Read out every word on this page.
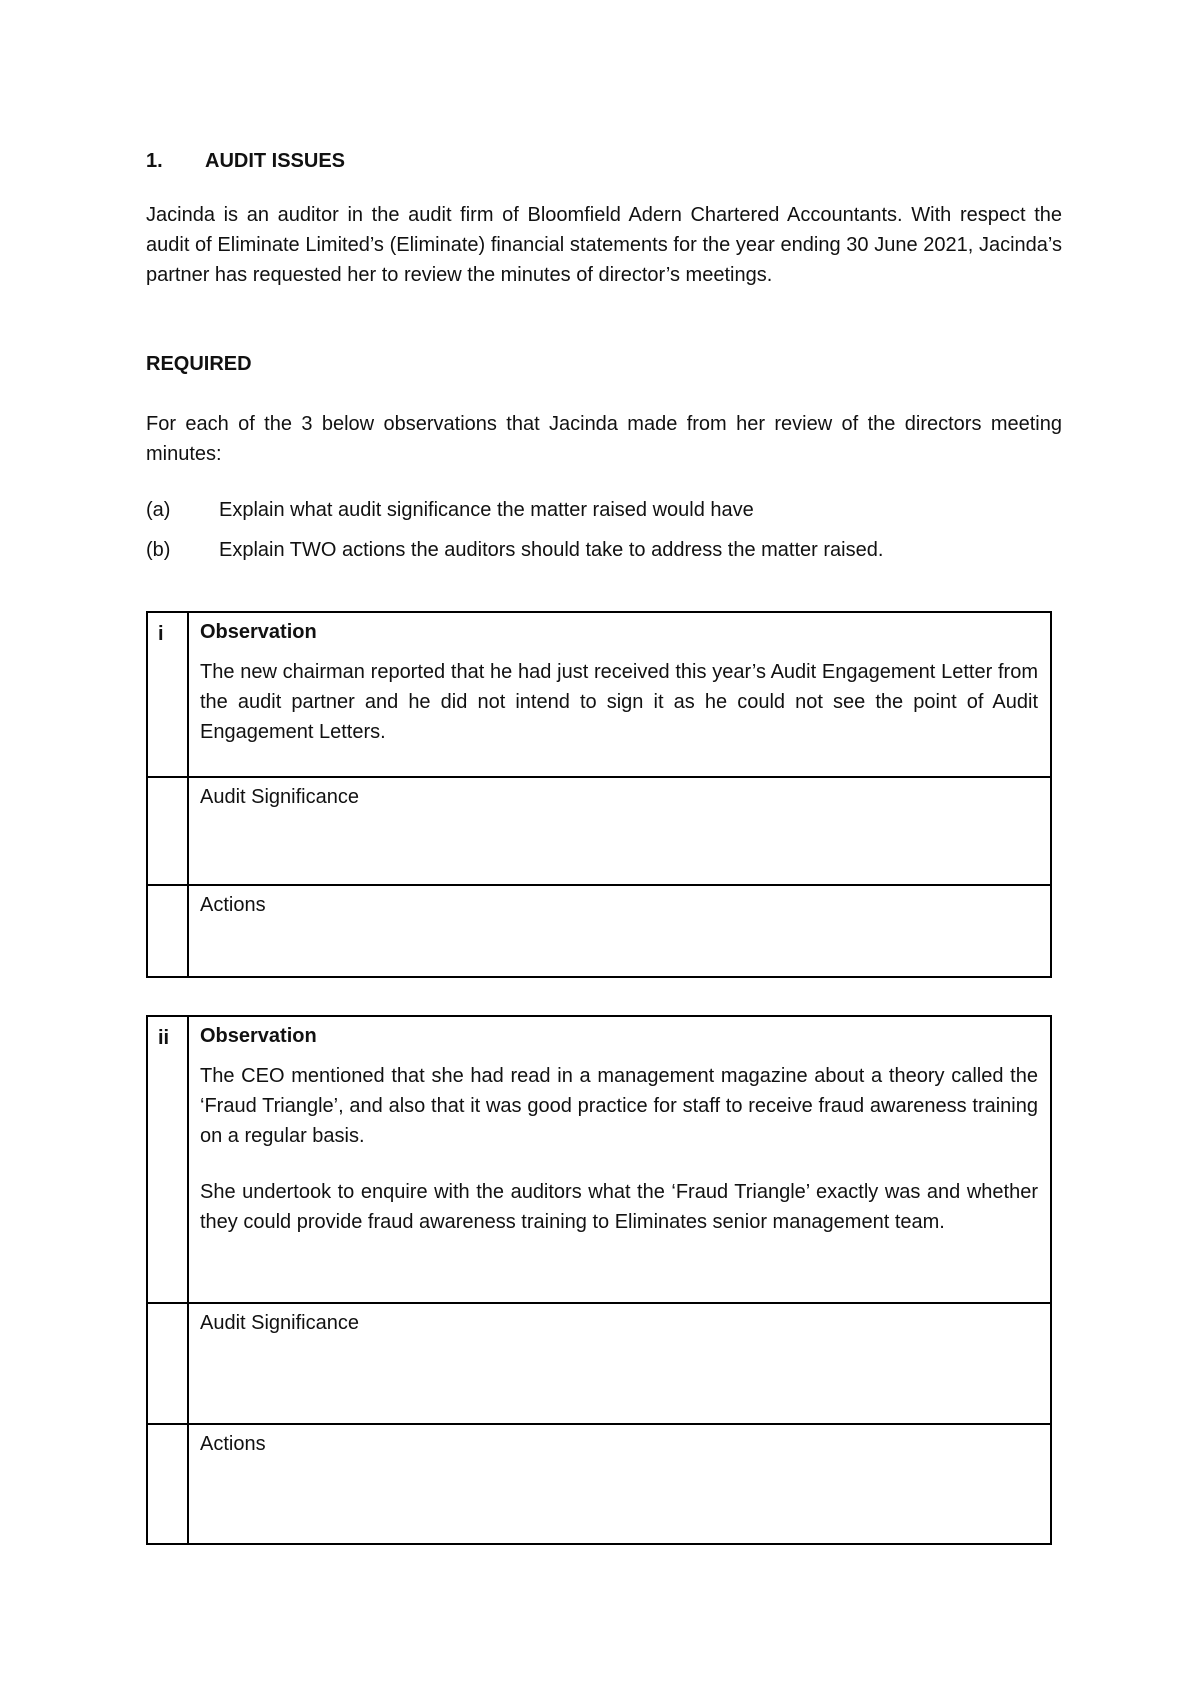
1. AUDIT ISSUES

Jacinda is an auditor in the audit firm of Bloomfield Adern Chartered Accountants. With respect the audit of Eliminate Limited’s (Eliminate) financial statements for the year ending 30 June 2021, Jacinda’s partner has requested her to review the minutes of director’s meetings.

REQUIRED

For each of the 3 below observations that Jacinda made from her review of the directors meeting minutes:

(a) Explain what audit significance the matter raised would have
(b) Explain TWO actions the auditors should take to address the matter raised.
i	Observation

The new chairman reported that he had just received this year’s Audit Engagement Letter from the audit partner and he did not intend to sign it as he could not see the point of Audit Engagement Letters.

	Audit Significance

	Actions
ii	Observation

The CEO mentioned that she had read in a management magazine about a theory called the ‘Fraud Triangle’, and also that it was good practice for staff to receive fraud awareness training on a regular basis.

She undertook to enquire with the auditors what the ‘Fraud Triangle’ exactly was and whether they could provide fraud awareness training to Eliminates senior management team.

	Audit Significance

	Actions
